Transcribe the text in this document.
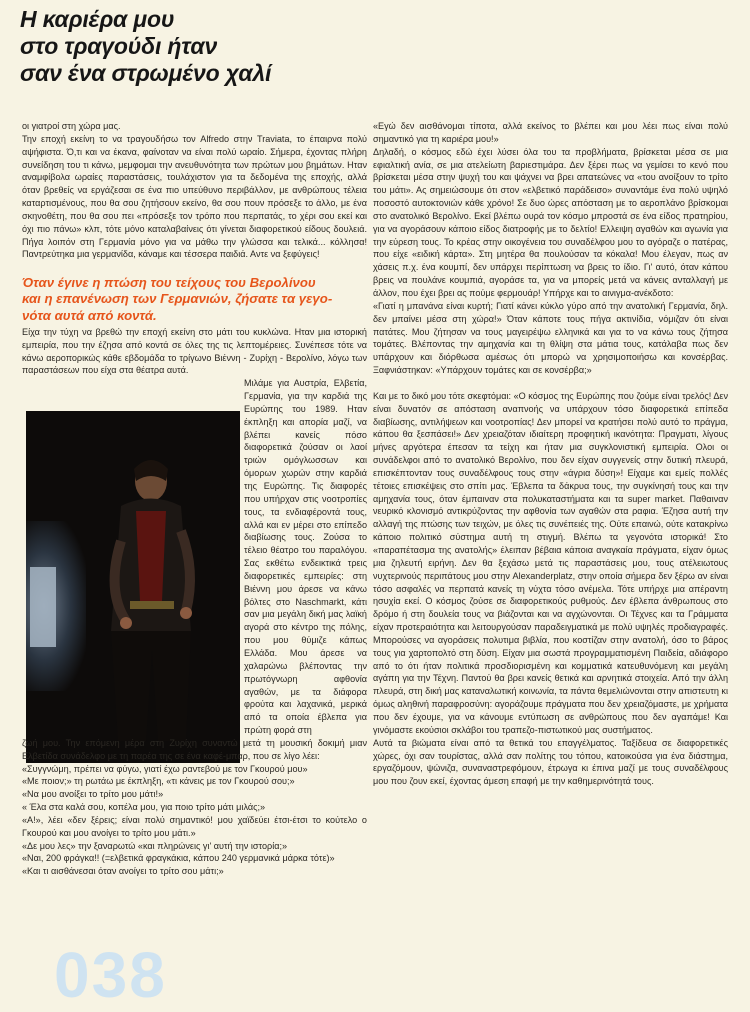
Η καριέρα μου
στο τραγούδι ήταν
σαν ένα στρωμένο χαλί
038

οι γιατροί στη χώρα μας.
Την εποχή εκείνη το να τραγουδήσω τον Alfredo στην Traviata, το έπαιρνα πολύ αψήφιστα. Ό,τι και να έκανα, φαίνοταν να είναι πολύ ωραίο. Σήμερα, έχοντας πλήρη συνείδηση του τι κάνω, μεμφομαι την ανευθυνότητα των πρώτων μου βημάτων. Ηταν αναμφίβολα ωραίες παραστάσεις, τουλάχιστον για τα δεδομένα της εποχής, αλλά όταν βρεθείς να εργάζεσαι σε ένα πιο υπεύθυνο περιβάλλον, με ανθρώπους τέλεια καταρτισμένους, που θα σου ζητήσουν εκείνο, θα σου πουν πρόσεξε το άλλο, με ένα σκηνοθέτη, που θα σου πει «πρόσεξε τον τρόπο που περπατάς, το χέρι σου εκεί και όχι πιο πάνω» κλπ, τότε μόνο καταλαβαίνεις ότι γίνεται διαφορετικού είδους δουλειά. Πήγα λοιπόν στη Γερμανία μόνο για να μάθω την γλώσσα και τελικά... κόλλησα! Παντρεύτηκα μια γερμανίδα, κάναμε και τέσσερα παιδιά. Αντε να ξεφύγεις!

Όταν έγινε η πτώση του τείχους του Βερολίνου
και η επανένωση των Γερμανιών, ζήσατε τα γεγο-
νότα αυτά από κοντά.

Είχα την τύχη να βρεθώ την εποχή εκείνη στο μάτι του κυκλώνα. Ηταν μια ιστορική εμπειρία, που την έζησα από κοντά σε όλες της τις λεπτομέρειες. Συνέπεσε τότε να κάνω αεροπορικώς κάθε εβδομάδα το τρίγωνο Βιέννη - Ζυρίχη - Βερολίνο, λόγω των παραστάσεων που είχα στα θέατρα αυτά.

Μιλάμε για Αυστρία, Ελβετία, Γερμανία, για την καρδιά της Ευρώπης του 1989. Ηταν έκπληξη και απορία μαζί, να βλέπει κανείς πόσο διαφορετικά ζούσαν οι λαοί τριών ομόγλωσσων και όμορων χωρών στην καρδιά της Ευρώπης. Τις διαφορές που υπήρχαν στις νοοτροπίες τους, τα ενδιαφέροντά τους, αλλά και εν μέρει στο επίπεδο διαβίωσης τους. Ζούσα το τέλειο θέατρο του παραλόγου. Σας εκθέτω ενδεικτικά τρεις διαφορετικές εμπειρίες: στη Βιέννη μου άρεσε να κάνω βόλτες στο Naschmarkt, κάτι σαν μια μεγάλη δική μας λαϊκή αγορά στο κέντρο της πόλης, που μου θύμιζε κάπως Ελλάδα. Μου άρεσε να χαλαρώνω βλέποντας την πρωτόγνωρη αφθονία αγαθών, με τα διάφορα φρούτα και λαχανικά, μερικά από τα οποία έβλεπα για πρώτη φορά στη

ζωή μου. Την επόμενη μέρα στη Ζυρίχη συναντώ μετά τη μουσική δοκιμή μιαν Ελβετίδα συνάδελφο με τη παρέα της σε ένα καφέ-μπαρ, που σε λίγο λέει:
«Συγγνώμη, πρέπει να φύγω, γιατί έχω ραντεβού με τον Γκουρού μου»
«Με ποιον;» τη ρωτάω με έκπληξη, «τι κάνεις με τον Γκουρού σου;»
«Να μου ανοίξει το τρίτο μου μάτι!»
« Έλα στα καλά σου, κοπέλα μου, για ποιο τρίτο μάτι μιλάς;»
«Α!», λέει «δεν ξέρεις; είναι πολύ σημαντικό! μου χαϊδεύει έτσι-έτσι το κούτελο ο Γκουρού και μου ανοίγει το τρίτο μου μάτι.»
«Δε μου λες» την ξαναρωτώ «και πληρώνεις γι' αυτή την ιστορία;»
«Ναι, 200 φράγκα!! (=ελβετικά φραγκάκια, κάπου 240 γερμανικά μάρκα τότε)»
«Και τι αισθάνεσαι όταν ανοίγει το τρίτο σου μάτι;»

«Εγώ δεν αισθάνομαι τίποτα, αλλά εκείνος το βλέπει και μου λέει πως είναι πολύ σημαντικό για τη καριέρα μου!»
Δηλαδή, ο κόσμος εδώ έχει λύσει όλα του τα προβλήματα, βρίσκεται μέσα σε μια εφιαλτική ανία, σε μια ατελείωτη βαριεστιμάρα. Δεν ξέρει πως να γεμίσει το κενό που βρίσκεται μέσα στην ψυχή του και ψάχνει να βρει απατεώνες να «του ανοίξουν το τρίτο του μάτι». Ας σημειώσουμε ότι στον «ελβετικό παράδεισο» συναντάμε ένα πολύ υψηλό ποσοστό αυτοκτονιών κάθε χρόνο! Σε δυο ώρες απόσταση με το αεροπλάνο βρίσκομαι στο ανατολικό Βερολίνο. Εκεί βλέπω ουρά τον κόσμο μπροστά σε ένα είδος πρατηρίου, για να αγοράσουν κάποιο είδος διατροφής με το δελτίο! Ελλειψη αγαθών και αγωνία για την εύρεση τους. Το κρέας στην οικογένεια του συναδέλφου μου το αγόραζε ο πατέρας, που είχε «ειδική κάρτα». Στη μητέρα θα πουλούσαν τα κόκαλα! Μου έλεγαν, πως αν χάσεις π.χ. ένα κουμπί, δεν υπάρχει περίπτωση να βρεις το ίδιο. Γι' αυτό, όταν κάπου βρεις να πουλάνε κουμπιά, αγοράσε τα, για να μπορείς μετά να κάνεις ανταλλαγή με άλλον, που έχει βρει ας πούμε φερμουάρ! Υπήρχε και το αινιγμα-ανέκδοτο:
«Γιατί η μπανάνα είναι κυρτή; Γιατί κάνει κύκλο γύρο από την ανατολική Γερμανία, δηλ. δεν μπαίνει μέσα στη χώρα!» Όταν κάποτε τους πήγα ακτινίδια, νόμιζαν ότι είναι πατάτες. Μου ζήτησαν να τους μαγειρέψω ελληνικά και για το να κάνω τους ζήτησα τομάτες. Βλέποντας την αμηχανία και τη θλίψη στα μάτια τους, κατάλαβα πως δεν υπάρχουν και διόρθωσα αμέσως ότι μπορώ να χρησιμοποιήσω και κονσέρβας. Ξαφνιάστηκαν: «Υπάρχουν τομάτες και σε κονσέρβα;»

Και με το δικό μου τότε σκεφτόμαι: «Ο κόσμος της Ευρώπης που ζούμε είναι τρελός! Δεν είναι δυνατόν σε απόσταση αναπνοής να υπάρχουν τόσο διαφορετικά επίπεδα διαβίωσης, αντιλήψεων και νοοτροπίας! Δεν μπορεί να κρατήσει πολύ αυτό το πράγμα, κάπου θα ξεσπάσει!» Δεν χρειαζόταν ιδιαίτερη προφητική ικανότητα: Πραγματι, λίγους μήνες αργότερα έπεσαν τα τείχη και ήταν μια συγκλονιστική εμπειρία. Ολοι οι συνάδελφοι από το ανατολικό Βερολίνο, που δεν είχαν συγγενείς στην δυτική πλευρά, επισκέπτονταν τους συναδέλφους τους στην «άγρια δύση»! Είχαμε και εμείς πολλές τέτοιες επισκέψεις στο σπίτι μας. Έβλεπα τα δάκρυα τους, την συγκίνησή τους και την αμηχανία τους, όταν έμπαιναν στα πολυκαταστήματα και τα super market. Παθαιναν νευρικό κλονισμό αντικρύζοντας την αφθονία των αγαθών στα ραφια. Έζησα αυτή την αλλαγή της πτώσης των τειχών, με όλες τις συνέπειές της. Ούτε επαινώ, ούτε κατακρίνω κάποιο πολιτικό σύστημα αυτή τη στιγμή. Βλέπω τα γεγονότα ιστορικά! Στο «παραπέτασμα της ανατολής» έλειπαν βέβαια κάποια αναγκαία πράγματα, είχαν όμως μια ζηλευτή ειρήνη. Δεν θα ξεχάσω μετά τις παραστάσεις μου, τους ατέλειωτους νυχτερινούς περιπάτους μου στην Alexanderplatz, στην οποία σήμερα δεν ξέρω αν είναι τόσο ασφαλές να περπατά κανείς τη νύχτα τόσο ανέμελα. Τότε υπήρχε μια απέραντη ησυχία εκεί. Ο κόσμος ζούσε σε διαφορετικούς ρυθμούς. Δεν έβλεπα άνθρωπους στο δρόμο ή στη δουλεία τους να βιάζονται και να αγχώνονται. Οι Τέχνες και τα Γράμματα είχαν προτεραιότητα και λειτουργούσαν παραδειγματικά με πολύ υψηλές προδιαγραφές. Μπορούσες να αγοράσεις πολυτιμα βιβλία, που κοστίζαν στην ανατολή, όσο το βάρος τους για χαρτοπολτό στη δύση. Είχαν μια σωστά προγραμματισμένη Παιδεία, αδιάφορο από το ότι ήταν πολιτικά προσδιορισμένη και κομματικά κατευθυνόμενη και μεγάλη αγάπη για την Τέχνη. Παντού θα βρει κανείς θετικά και αρνητικά στοιχεία. Από την άλλη πλευρά, στη δική μας καταναλωτική κοινωνία, τα πάντα θεμελιώνονται στην απιστευτη κι όμως αληθινή παραφροσύνη: αγοράζουμε πράγματα που δεν χρειαζόμαστε, με χρήματα που δεν έχουμε, για να κάνουμε εντύπωση σε ανθρώπους που δεν αγαπάμε! Και γινόμαστε εκούσιοι σκλάβοι του τραπεζο-πιστωτικού μας συστήματος.
Αυτά τα βιώματα είναι από τα θετικά του επαγγέλματος. Ταξίδευα σε διαφορετικές χώρες, όχι σαν τουρίστας, αλλά σαν πολίτης του τόπου, κατοικούσα για ένα διάστημα, εργαζόμουν, ψώνιζα, συναναστρεφόμουν, έτρωγα κι έπινα μαζί με τους συναδέλφους μου που ζουν εκεί, έχοντας άμεση επαφή με την καθημερινότητά τους.
